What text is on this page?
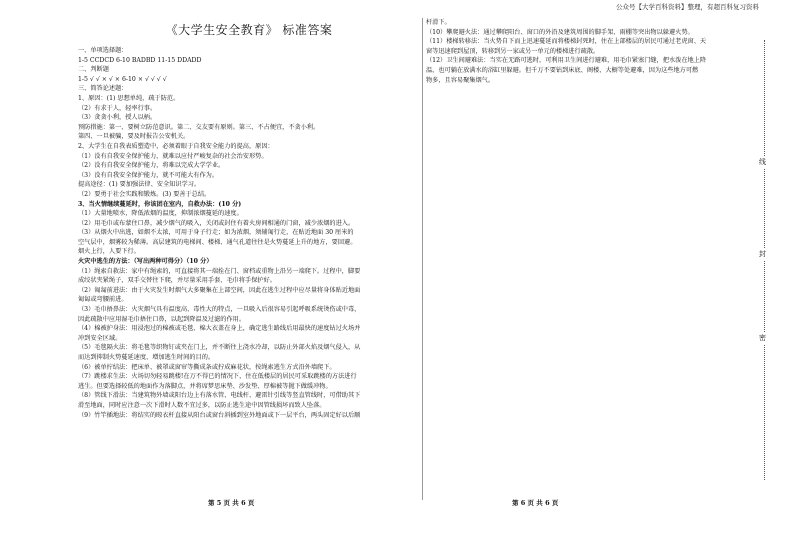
公众号【大学百科资料】整理，有超百科复习资料
《大学生安全教育》 标准答案
一、单项选择题：
1-5 CCDCD 6-10 BADBD 11-15 DDADD
二、判断题
1-5 √ √ × √ × 6-10 × √ √ √ √
三、简答论述题：
1、原因：(1) 思想单纯，疏于防范。
（2）有求于人，轻率行事。
（3）贪贪小利，授人以柄。
预防措施：第一、要树立防范意识。第二、交友要有原则。第三、不占便宜，不贪小利。
第四、一旦被骗，要及时报告公安机关。
2、大学生在自我表质塑造中，必须着眼于自我安全能力的提高，原因：
（1）没有自我安全保护能力，就难以应付严峻复杂的社会治安形势。
（2）没有自我安全保护能力，将难以完成大学学业。
（3）没有自我安全保护能力，就不可能大有作为。
提高途径：(1) 要加强法律、安全知识学习。
（2）要勇于社会实践和锻炼。(3) 要善于总结。
3、当火情继续蔓延时，你该团在室内，自救办法：(10 分)
（1）大量地喷水，降低浓烟的温度，抑制浓烟蔓延的速度。
（2）用毛巾或布蒙住口鼻，减少烟气的吸入，关闭或封住有着火房间相通的门窗，减少浓烟的进入。
（3）从烟火中出逃，如烟不太浓，可用于身子行走；如为浓烟，须辅匍行走，在贴近地面 30 厘米的
空气层中，烟雾较为稀薄。高层建筑的电梯间、楼梯、通气孔道往往是火势蔓延上升的地方，要回避。
烟火上行，人要下行。
火灾中逃生的方法：（写出两种可得分）（10 分）
（1）绳索自救法：家中有绳索的，可直接将其一端拴在门、窗档或重物上沿另一端爬下。过程中，脚要
成绞状夹紧绳子，双手交替往下爬，并尽量采用手套、毛巾将手保护好。
（2）匍匐前进法：由于火灾发生时烟气大多聚集在上部空间，因此在逃生过程中应尽量将身体贴近地面
匍匐或弯腰前进。
（3）毛巾捂鼻法：火灾烟气具有温度高、毒性大的特点，一旦吸入后很容易引起呼吸系统烫伤或中毒，
因此疏散中应用湿毛巾捂住口鼻，以起到降温及过滤的作用。
（4）棉被护身法：用浸泡过的棉被或毛毯、棉大衣盖在身上，确定逃生路线后用最快的速度钻过火场并
冲到安全区域。
（5）毛毯隔火法：将毛毯等织物钉或夹在门上，并不断往上浇水冷却，以防止外部火焰及烟气侵入，从
而达到抑制火势蔓延速度、增加逃生时间的目的。
（6）被单拧结法：把床单、被罩或窗帘等撕成条或拧成麻花状，按绳索逃生方式沿外墙爬下。
（7）跳楼求生法：火场切勿轻易跳楼!在万不得已的情况下，住在低楼层的居民可采取跳楼的方法进行
逃生。但要选择较低的地面作为落脚点，并将席梦思床垫、沙发垫、厚棉被等抛下做缓冲物。
（8）管线下滑法：当建筑物外墙或阳台边上有落水管、电线杆、避雷针引线等竖直管线时，可借助其下
滑至地面，同时应注意一次下滑时人数不宜过多，以防止逃生途中因管线损坏而致人坠落。
（9）竹竿插地法：将结实的晾衣杆直接从阳台或窗台斜插到室外地面或下一层平台，两头固定好以后顺
杆滑下。
（10）攀爬避火法：通过攀爬阳台、窗口的外沿及建筑周围的脚手架、雨棚等突出物以躲避火势。
（11）楼梯转移法：当火势自下而上迅速蔓延而将楼梯封死时，住在上部楼层的居民可通过老虎窗、天
窗等迅速爬到屋顶，转移到另一家或另一单元的楼梯进行疏散。
（12）卫生间避难法：当实在无路可逃时，可利用卫生间进行避难，用毛巾紧塞门缝，把水泼在地上降
温，也可躺在放满水的浴缸里躲避。但千万不要钻到床底、阁楼、大橱等处避难，因为这些地方可燃
物多，且容易聚集烟气。
第 5 页 共 6 页	第 6 页 共 6 页
线
封
密
